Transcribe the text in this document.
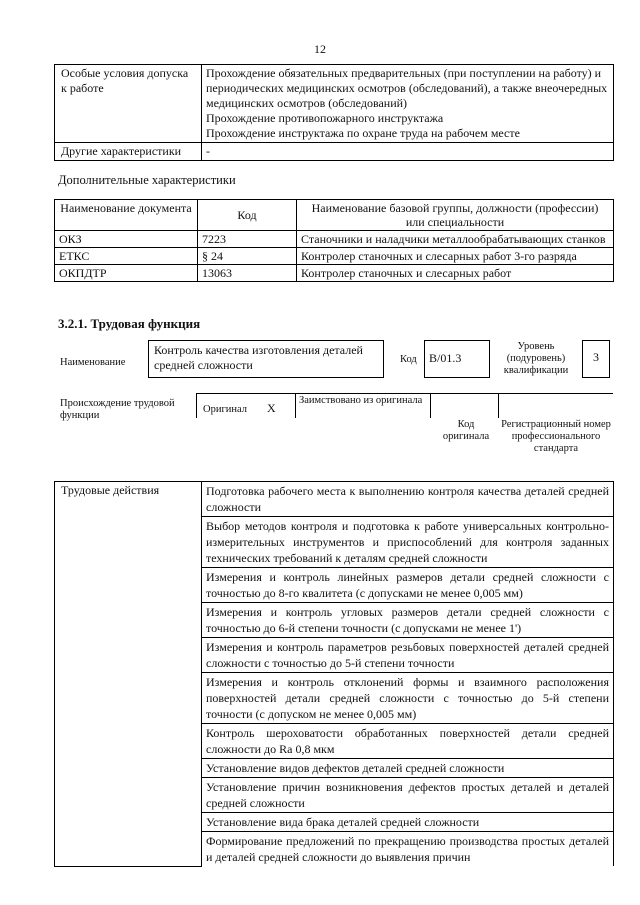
12
Особые условия допуска к работе	Прохождение обязательных предварительных (при поступлении на работу) и периодических медицинских осмотров (обследований), а также внеочередных медицинских осмотров (обследований)
Прохождение противопожарного инструктажа
Прохождение инструктажа по охране труда на рабочем месте

Другие характеристики	-
Дополнительные характеристики
Наименование документа	Код	Наименование базовой группы, должности (профессии) или специальности
ОКЗ	7223	Станочники и наладчики металлообрабатывающих станков
ЕТКС	§ 24	Контролер станочных и слесарных работ 3-го разряда
ОКПДТР	13063	Контролер станочных и слесарных работ
3.2.1. Трудовая функция
Наименование
Контроль качества изготовления деталей средней сложности	Код	B/01.3
Уровень (подуровень) квалификации
3
Происхождение трудовой функции
Оригинал X
Заимствовано из оригинала
Код оригинала
Регистрационный номер профессионального стандарта
Трудовые действия	Подготовка рабочего места к выполнению контроля качества деталей средней сложности
Выбор методов контроля и подготовка к работе универсальных контрольно-измерительных инструментов и приспособлений для контроля заданных технических требований к деталям средней сложности
Измерения и контроль линейных размеров детали средней сложности с точностью до 8-го квалитета (с допусками не менее 0,005 мм)
Измерения и контроль угловых размеров детали средней сложности с точностью до 6-й степени точности (с допусками не менее 1')
Измерения и контроль параметров резьбовых поверхностей деталей средней сложности с точностью до 5-й степени точности
Измерения и контроль отклонений формы и взаимного расположения поверхностей детали средней сложности с точностью до 5-й степени точности (с допуском не менее 0,005 мм)
Контроль шероховатости обработанных поверхностей детали средней сложности до Ra 0,8 мкм
Установление видов дефектов деталей средней сложности
Установление причин возникновения дефектов простых деталей и деталей средней сложности
Установление вида брака деталей средней сложности
Формирование предложений по прекращению производства простых деталей и деталей средней сложности до выявления причин
